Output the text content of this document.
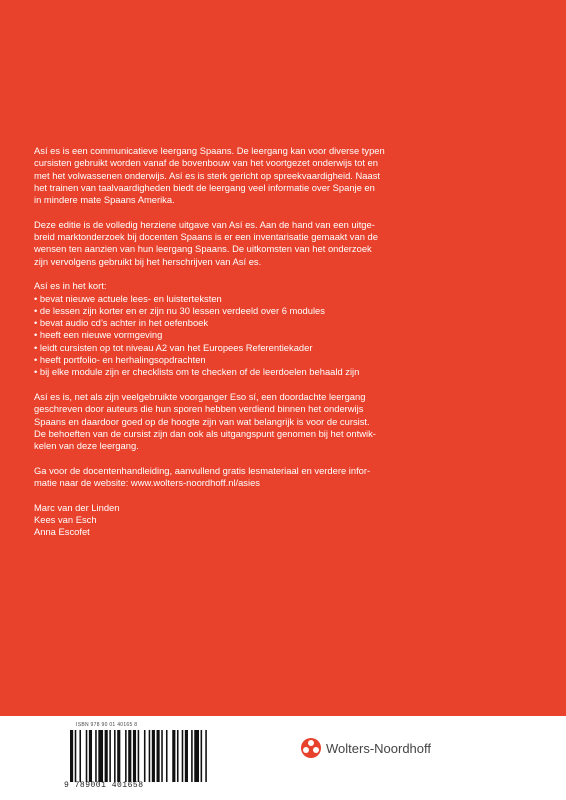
Así es is een communicatieve leergang Spaans. De leergang kan voor diverse typen
cursisten gebruikt worden vanaf de bovenbouw van het voortgezet onderwijs tot en
met het volwassenen onderwijs. Así es is sterk gericht op spreekvaardigheid. Naast
het trainen van taalvaardigheden biedt de leergang veel informatie over Spanje en
in mindere mate Spaans Amerika.

Deze editie is de volledig herziene uitgave van Así es. Aan de hand van een uitge-
breid marktonderzoek bij docenten Spaans is er een inventarisatie gemaakt van de
wensen ten aanzien van hun leergang Spaans. De uitkomsten van het onderzoek
zijn vervolgens gebruikt bij het herschrijven van Así es.

Así es in het kort:

• bevat nieuwe actuele lees- en luisterteksten
• de lessen zijn korter en er zijn nu 30 lessen verdeeld over 6 modules
• bevat audio cd’s achter in het oefenboek
• heeft een nieuwe vormgeving
• leidt cursisten op tot niveau A2 van het Europees Referentiekader
• heeft portfolio- en herhalingsopdrachten
• bij elke module zijn er checklists om te checken of de leerdoelen behaald zijn

Así es is, net als zijn veelgebruikte voorganger Eso sí, een doordachte leergang
geschreven door auteurs die hun sporen hebben verdiend binnen het onderwijs
Spaans en daardoor goed op de hoogte zijn van wat belangrijk is voor de cursist.
De behoeften van de cursist zijn dan ook als uitgangspunt genomen bij het ontwik-
kelen van deze leergang.

Ga voor de docentenhandleiding, aanvullend gratis lesmateriaal en verdere infor-
matie naar de website: www.wolters-noordhoff.nl/asies

Marc van der Linden
Kees van Esch
Anna Escofet
ISBN 978 90 01 40165 8
9 789001 401658
Wolters-Noordhoff
